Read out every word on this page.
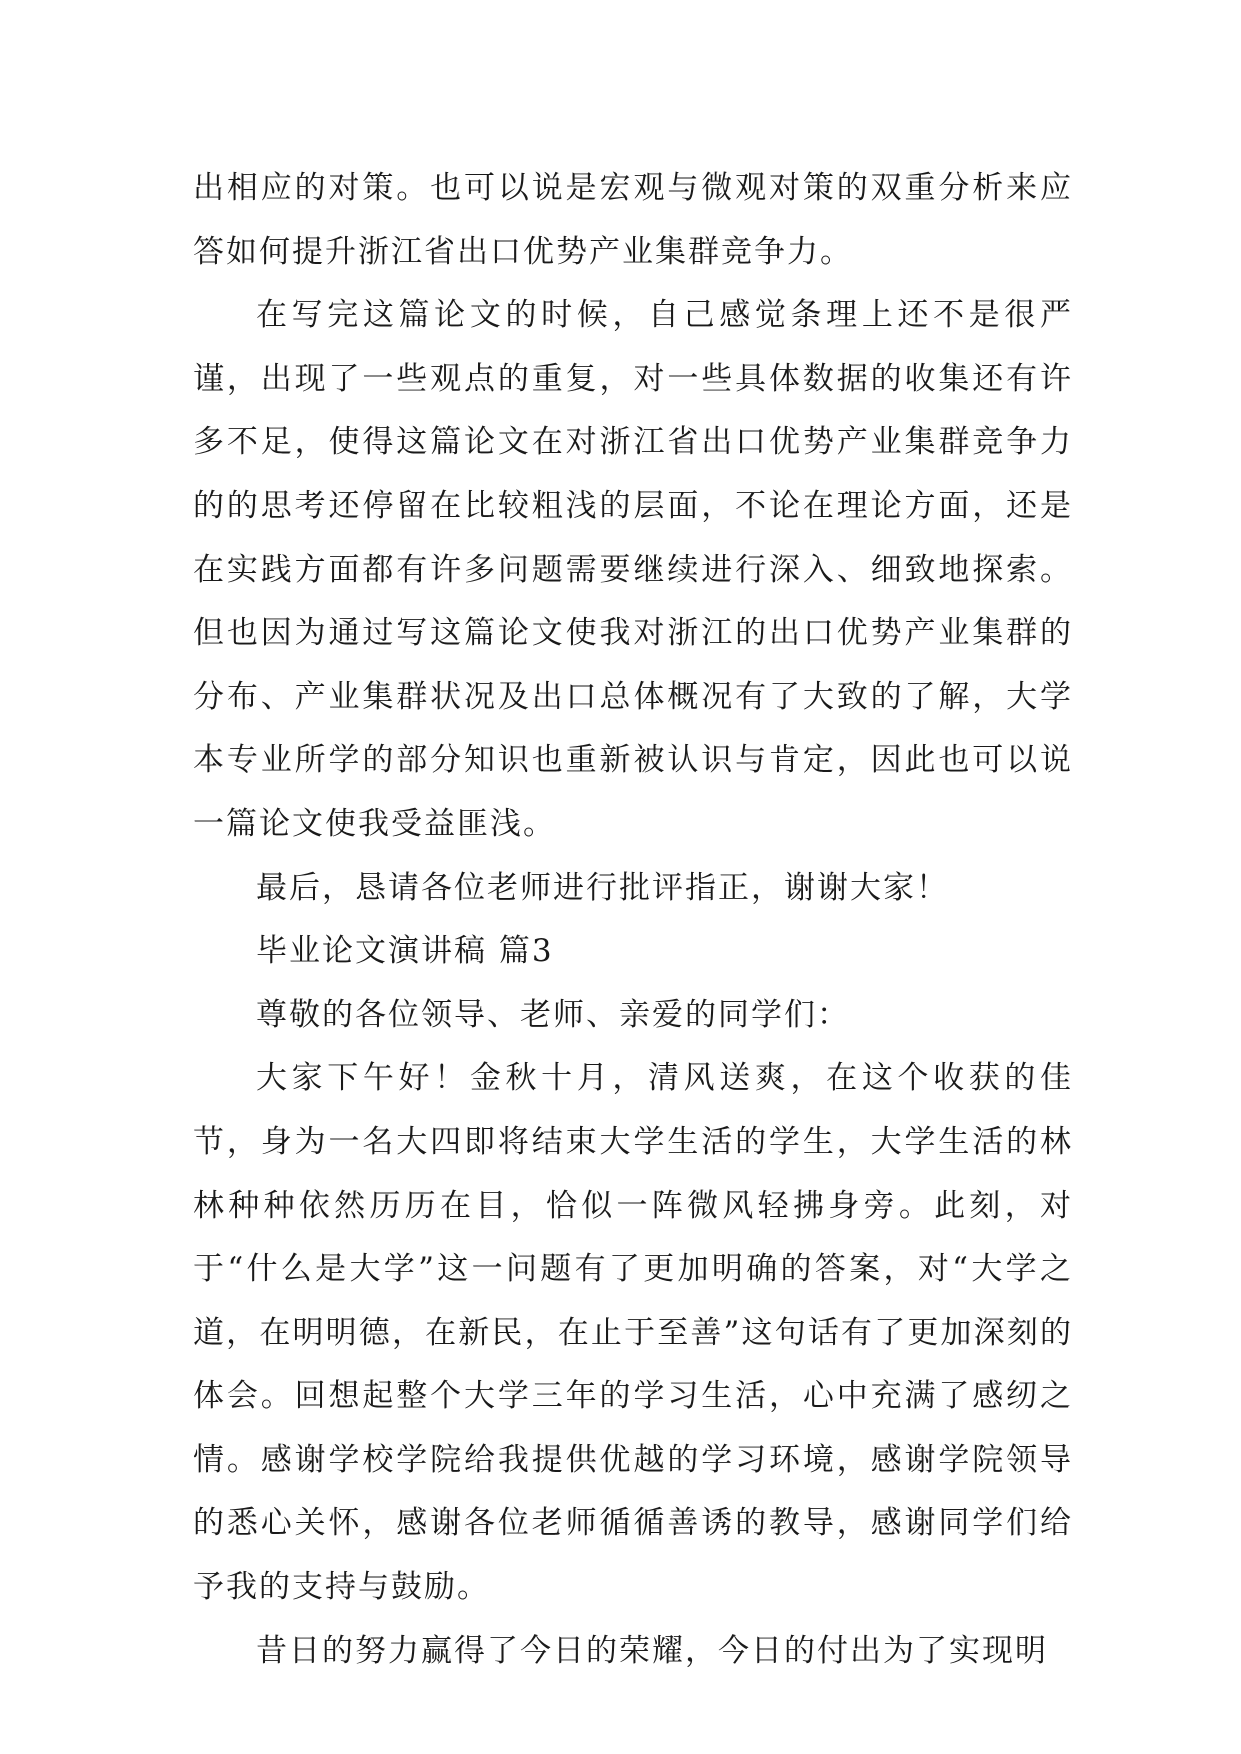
出相应的对策。也可以说是宏观与微观对策的双重分析来应答如何提升浙江省出口优势产业集群竞争力。

在写完这篇论文的时候，自己感觉条理上还不是很严谨，出现了一些观点的重复，对一些具体数据的收集还有许多不足，使得这篇论文在对浙江省出口优势产业集群竞争力的的思考还停留在比较粗浅的层面，不论在理论方面，还是在实践方面都有许多问题需要继续进行深入、细致地探索。但也因为通过写这篇论文使我对浙江的出口优势产业集群的分布、产业集群状况及出口总体概况有了大致的了解，大学本专业所学的部分知识也重新被认识与肯定，因此也可以说一篇论文使我受益匪浅。

最后，恳请各位老师进行批评指正，谢谢大家！

毕业论文演讲稿 篇3

尊敬的各位领导、老师、亲爱的同学们：

大家下午好！金秋十月，清风送爽，在这个收获的佳节，身为一名大四即将结束大学生活的学生，大学生活的林林种种依然历历在目，恰似一阵微风轻拂身旁。此刻，对于“什么是大学”这一问题有了更加明确的答案，对“大学之道，在明明德，在新民，在止于至善”这句话有了更加深刻的体会。回想起整个大学三年的学习生活，心中充满了感纫之情。感谢学校学院给我提供优越的学习环境，感谢学院领导的悉心关怀，感谢各位老师循循善诱的教导，感谢同学们给予我的支持与鼓励。

昔日的努力赢得了今日的荣耀，今日的付出为了实现明
